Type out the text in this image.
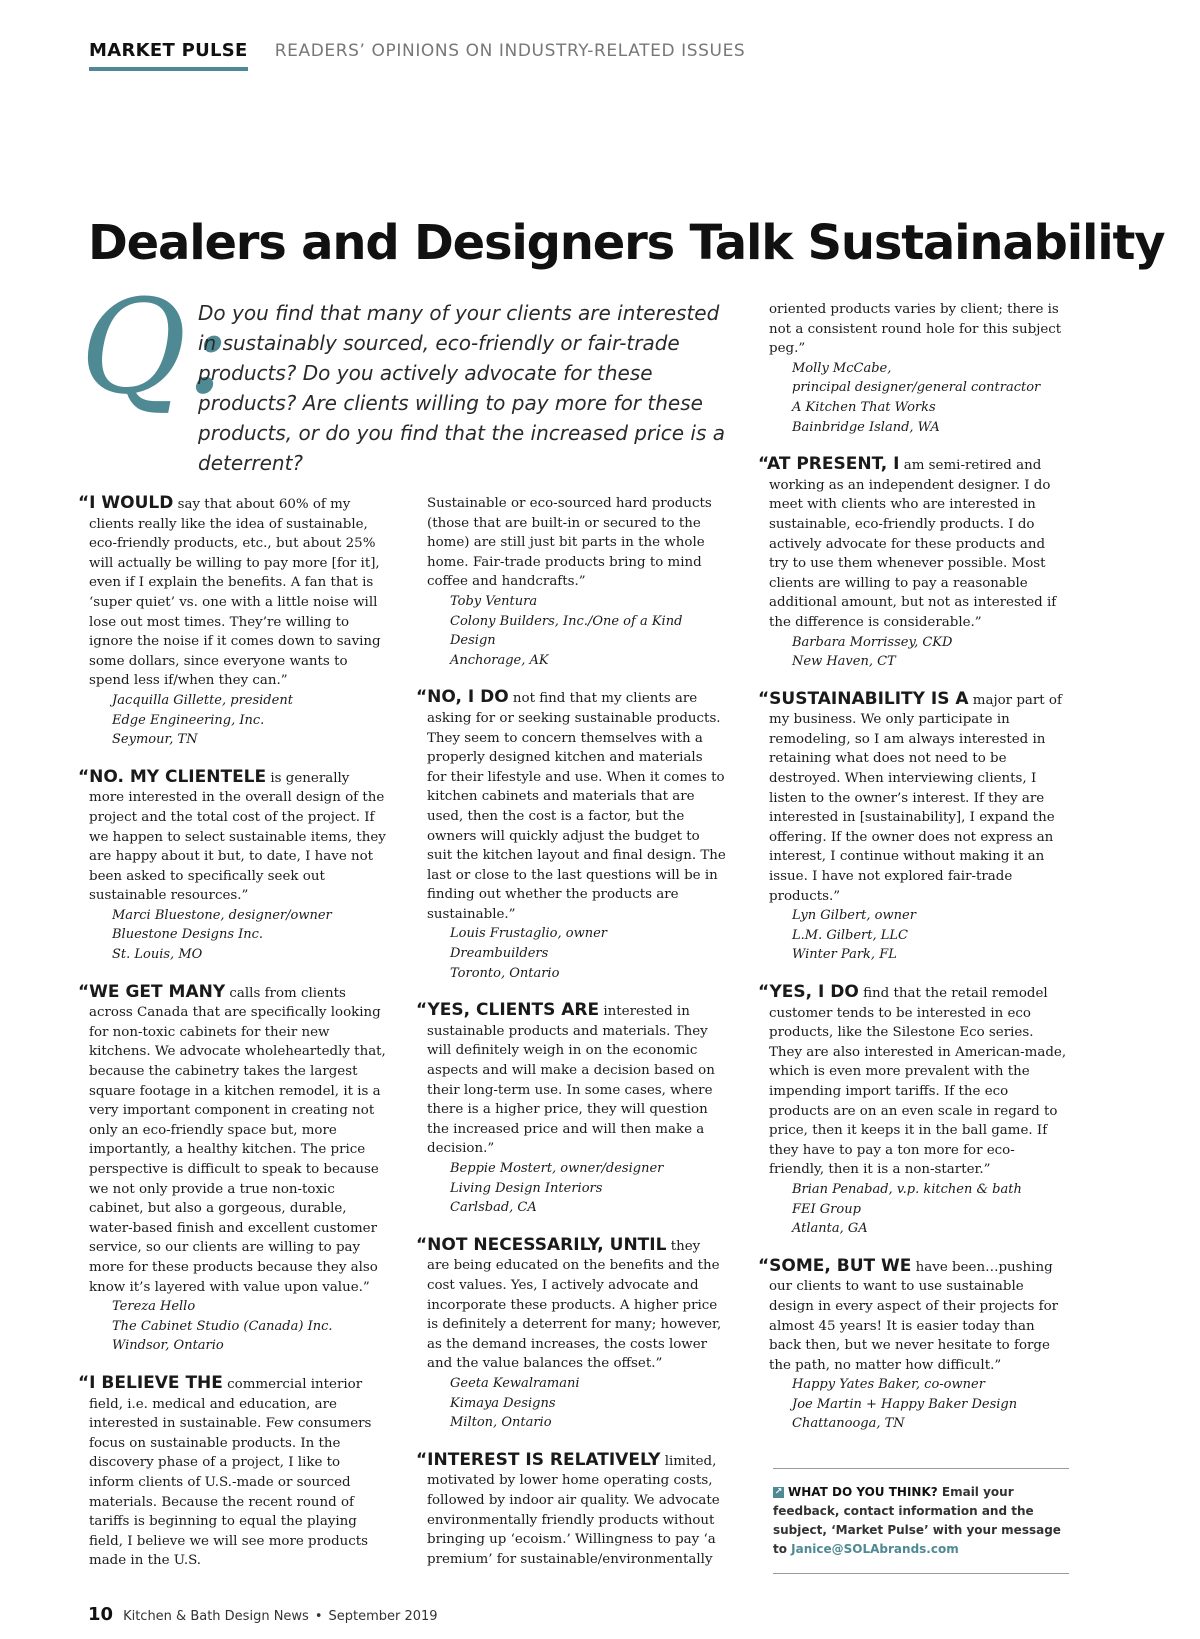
MARKET PULSE READERS’ OPINIONS ON INDUSTRY-RELATED ISSUES
Dealers and Designers Talk Sustainability
Q:

Do you find that many of your clients are interested in sustainably sourced, eco-friendly or fair-trade products? Do you actively advocate for these products? Are clients willing to pay more for these products, or do you find that the increased price is a deterrent?

“I WOULD say that about 60% of my clients really like the idea of sustainable, eco-friendly products, etc., but about 25% will actually be willing to pay more [for it], even if I explain the benefits. A fan that is ‘super quiet’ vs. one with a little noise will lose out most times. They’re willing to ignore the noise if it comes down to saving some dollars, since everyone wants to spend less if/when they can.”

Jacquilla Gillette, president
Edge Engineering, Inc.
Seymour, TN

“NO. MY CLIENTELE is generally more interested in the overall design of the project and the total cost of the project. If we happen to select sustainable items, they are happy about it but, to date, I have not been asked to specifically seek out sustainable resources.”

Marci Bluestone, designer/owner
Bluestone Designs Inc.
St. Louis, MO

“WE GET MANY calls from clients across Canada that are specifically looking for non-toxic cabinets for their new kitchens. We advocate wholeheartedly that, because the cabinetry takes the largest square footage in a kitchen remodel, it is a very important component in creating not only an eco-friendly space but, more importantly, a healthy kitchen. The price perspective is difficult to speak to because we not only provide a true non-toxic cabinet, but also a gorgeous, durable, water-based finish and excellent customer service, so our clients are willing to pay more for these products because they also know it’s layered with value upon value.”

Tereza Hello
The Cabinet Studio (Canada) Inc.
Windsor, Ontario

“I BELIEVE THE commercial interior field, i.e. medical and education, are interested in sustainable. Few consumers focus on sustainable products. In the discovery phase of a project, I like to inform clients of U.S.-made or sourced materials. Because the recent round of tariffs is beginning to equal the playing field, I believe we will see more products made in the U.S.

Sustainable or eco-sourced hard products (those that are built-in or secured to the home) are still just bit parts in the whole home. Fair-trade products bring to mind coffee and handcrafts.”

Toby Ventura
Colony Builders, Inc./One of a Kind Design
Anchorage, AK

“NO, I DO not find that my clients are asking for or seeking sustainable products. They seem to concern themselves with a properly designed kitchen and materials for their lifestyle and use. When it comes to kitchen cabinets and materials that are used, then the cost is a factor, but the owners will quickly adjust the budget to suit the kitchen layout and final design. The last or close to the last questions will be in finding out whether the products are sustainable.”

Louis Frustaglio, owner
Dreambuilders
Toronto, Ontario

“YES, CLIENTS ARE interested in sustainable products and materials. They will definitely weigh in on the economic aspects and will make a decision based on their long-term use. In some cases, where there is a higher price, they will question the increased price and will then make a decision.”

Beppie Mostert, owner/designer
Living Design Interiors
Carlsbad, CA

“NOT NECESSARILY, UNTIL they are being educated on the benefits and the cost values. Yes, I actively advocate and incorporate these products. A higher price is definitely a deterrent for many; however, as the demand increases, the costs lower and the value balances the offset.”

Geeta Kewalramani
Kimaya Designs
Milton, Ontario

“INTEREST IS RELATIVELY limited, motivated by lower home operating costs, followed by indoor air quality. We advocate environmentally friendly products without bringing up ‘ecoism.’ Willingness to pay ‘a premium’ for sustainable/environmentally

oriented products varies by client; there is not a consistent round hole for this subject peg.”

Molly McCabe,
principal designer/general contractor
A Kitchen That Works
Bainbridge Island, WA

“AT PRESENT, I am semi-retired and working as an independent designer. I do meet with clients who are interested in sustainable, eco-friendly products. I do actively advocate for these products and try to use them whenever possible. Most clients are willing to pay a reasonable additional amount, but not as interested if the difference is considerable.”

Barbara Morrissey, CKD
New Haven, CT

“SUSTAINABILITY IS A major part of my business. We only participate in remodeling, so I am always interested in retaining what does not need to be destroyed. When interviewing clients, I listen to the owner’s interest. If they are interested in [sustainability], I expand the offering. If the owner does not express an interest, I continue without making it an issue. I have not explored fair-trade products.”

Lyn Gilbert, owner
L.M. Gilbert, LLC
Winter Park, FL

“YES, I DO find that the retail remodel customer tends to be interested in eco products, like the Silestone Eco series. They are also interested in American-made, which is even more prevalent with the impending import tariffs. If the eco products are on an even scale in regard to price, then it keeps it in the ball game. If they have to pay a ton more for eco-friendly, then it is a non-starter.”

Brian Penabad, v.p. kitchen & bath
FEI Group
Atlanta, GA

“SOME, BUT WE have been…pushing our clients to want to use sustainable design in every aspect of their projects for almost 45 years! It is easier today than back then, but we never hesitate to forge the path, no matter how difficult.”

Happy Yates Baker, co-owner
Joe Martin + Happy Baker Design
Chattanooga, TN
↗ WHAT DO YOU THINK? Email your feedback, contact information and the subject, ‘Market Pulse’ with your message to Janice@SOLAbrands.com
10 Kitchen & Bath Design News • September 2019
